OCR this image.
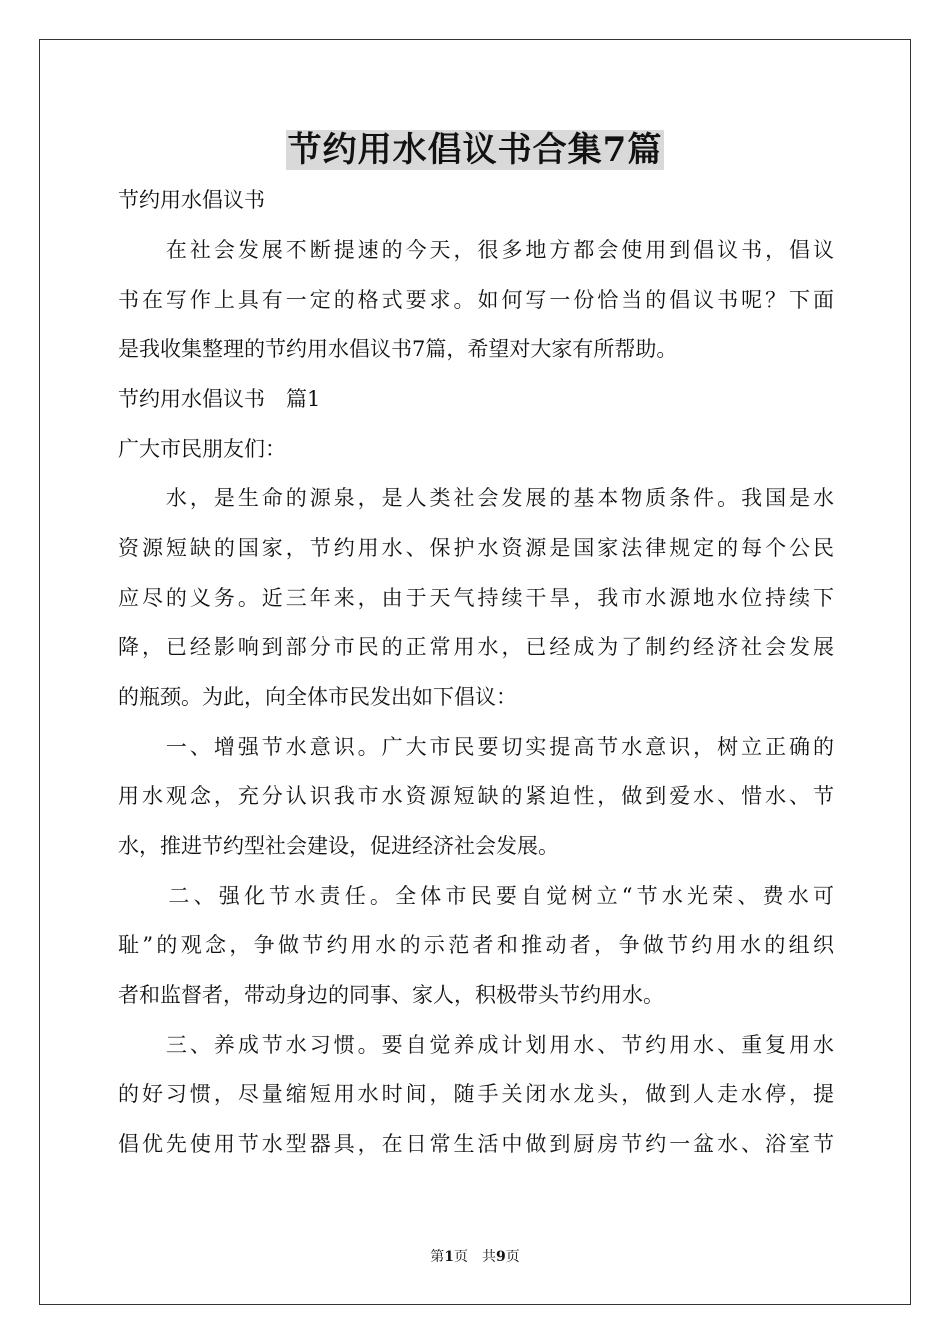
节约用水倡议书合集7篇
节约用水倡议书
　　在社会发展不断提速的今天，很多地方都会使用到倡议书，倡议
书在写作上具有一定的格式要求。如何写一份恰当的倡议书呢？下面
是我收集整理的节约用水倡议书7篇，希望对大家有所帮助。
节约用水倡议书　篇1
广大市民朋友们：
　　水，是生命的源泉，是人类社会发展的基本物质条件。我国是水
资源短缺的国家，节约用水、保护水资源是国家法律规定的每个公民
应尽的义务。近三年来，由于天气持续干旱，我市水源地水位持续下
降，已经影响到部分市民的正常用水，已经成为了制约经济社会发展
的瓶颈。为此，向全体市民发出如下倡议：
　　一、增强节水意识。广大市民要切实提高节水意识，树立正确的
用水观念，充分认识我市水资源短缺的紧迫性，做到爱水、惜水、节
水，推进节约型社会建设，促进经济社会发展。
　　二、强化节水责任。全体市民要自觉树立“节水光荣、费水可
耻”的观念，争做节约用水的示范者和推动者，争做节约用水的组织
者和监督者，带动身边的同事、家人，积极带头节约用水。
　　三、养成节水习惯。要自觉养成计划用水、节约用水、重复用水
的好习惯，尽量缩短用水时间，随手关闭水龙头，做到人走水停，提
倡优先使用节水型器具，在日常生活中做到厨房节约一盆水、浴室节
第1页　共9页
